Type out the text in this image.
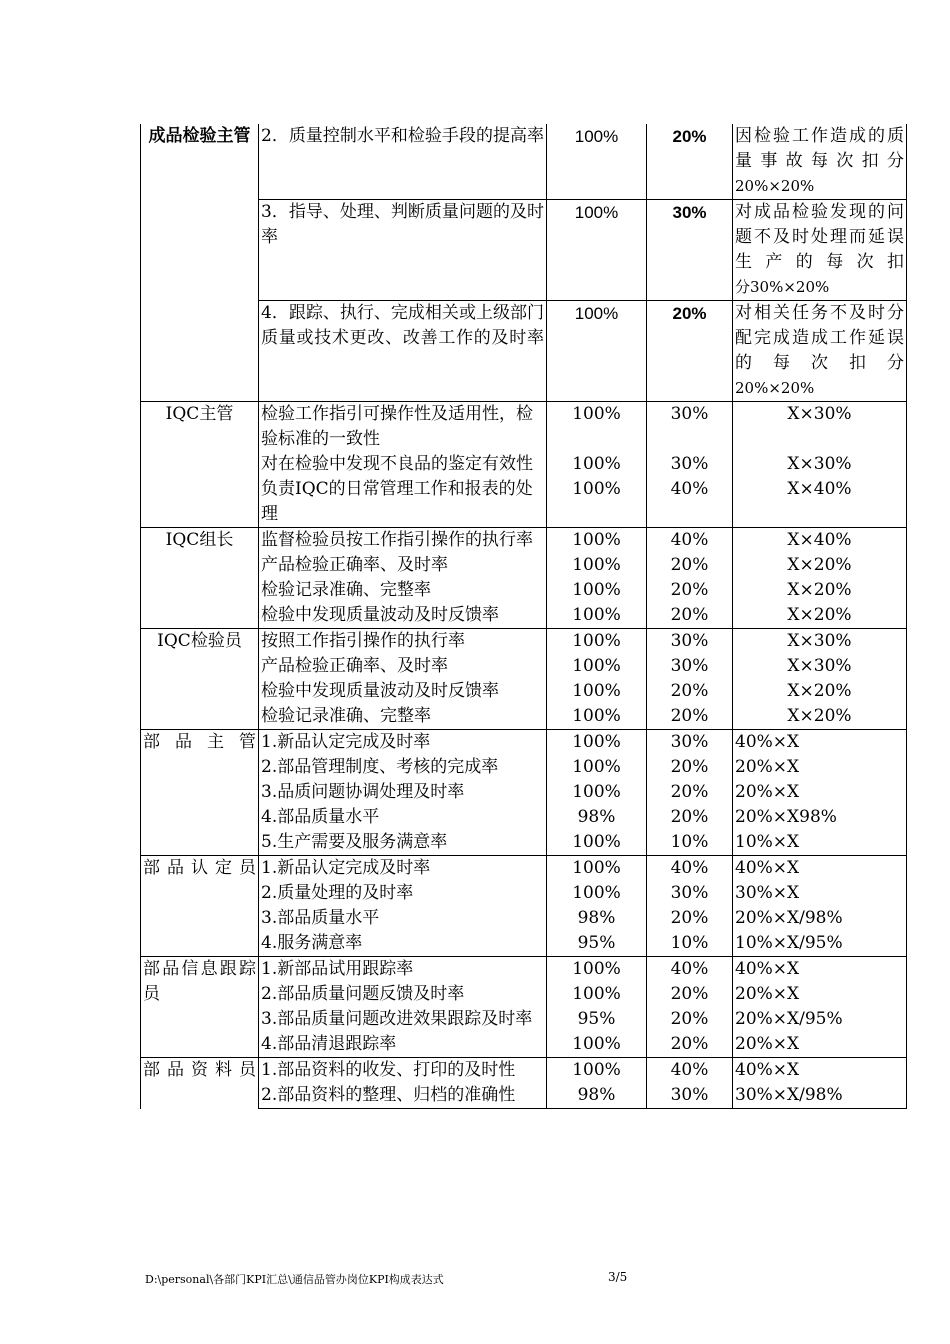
成品检验主管	2．质量控制水平和检验手段的提高率	100%	20%	因检验工作造成的质量事故每次扣分
20%×20%

	3．指导、处理、判断质量问题的及时率	100%	30%	对成品检验发现的问题不及时处理而延误生产的每次扣
分30%×20%

	4．跟踪、执行、完成相关或上级部门质量或技术更改、改善工作的及时率	100%	20%	对相关任务不及时分配完成造成工作延误的每次扣分
20%×20%

IQC主管	检验工作指引可操作性及适用性，检验标准的一致性	100%	30%	X×30%
	对在检验中发现不良品的鉴定有效性	100%	30%	X×30%
	负责IQC的日常管理工作和报表的处理	100%	40%	X×40%
IQC组长	监督检验员按工作指引操作的执行率	100%	40%	X×40%
	产品检验正确率、及时率	100%	20%	X×20%
	检验记录准确、完整率	100%	20%	X×20%
	检验中发现质量波动及时反馈率	100%	20%	X×20%
IQC检验员	按照工作指引操作的执行率	100%	30%	X×30%
	产品检验正确率、及时率	100%	30%	X×30%
	检验中发现质量波动及时反馈率	100%	20%	X×20%
	检验记录准确、完整率	100%	20%	X×20%
部品主管	1.新品认定完成及时率	100%	30%	40%×X
	2.部品管理制度、考核的完成率	100%	20%	20%×X
	3.品质问题协调处理及时率	100%	20%	20%×X
	4.部品质量水平	98%	20%	20%×X98%
	5.生产需要及服务满意率	100%	10%	10%×X
部品认定员	1.新品认定完成及时率	100%	40%	40%×X
	2.质量处理的及时率	100%	30%	30%×X
	3.部品质量水平	98%	20%	20%×X/98%
	4.服务满意率	95%	10%	10%×X/95%
部品信息跟踪员	1.新部品试用跟踪率	100%	40%	40%×X
	2.部品质量问题反馈及时率	100%	20%	20%×X
	3.部品质量问题改进效果跟踪及时率	95%	20%	20%×X/95%
	4.部品清退跟踪率	100%	20%	20%×X
部品资料员	1.部品资料的收发、打印的及时性	100%	40%	40%×X
	2.部品资料的整理、归档的准确性	98%	30%	30%×X/98%
D:\personal\各部门KPI汇总\通信品管办岗位KPI构成表达式	3/5
